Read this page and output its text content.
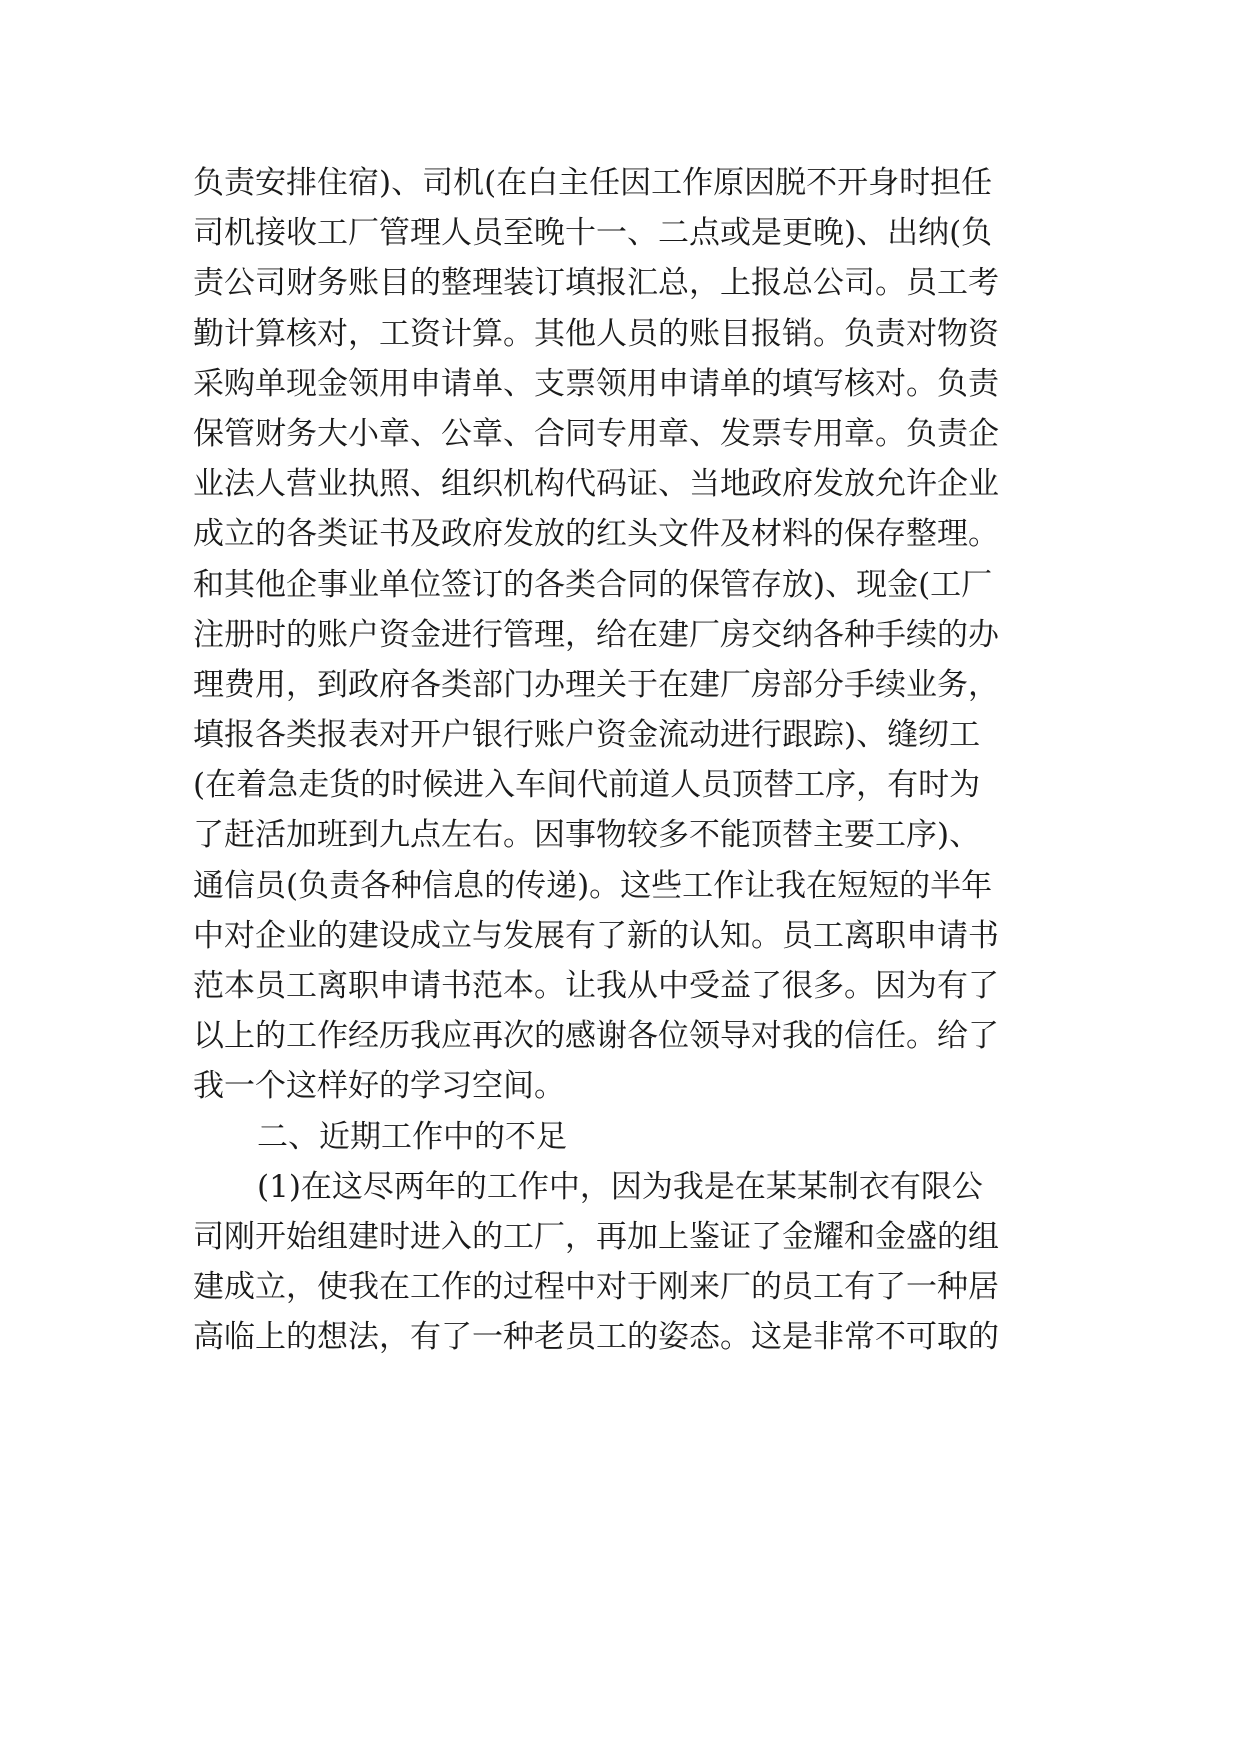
负责安排住宿)、司机(在白主任因工作原因脱不开身时担任
司机接收工厂管理人员至晚十一、二点或是更晚)、出纳(负
责公司财务账目的整理装订填报汇总，上报总公司。员工考
勤计算核对，工资计算。其他人员的账目报销。负责对物资
采购单现金领用申请单、支票领用申请单的填写核对。负责
保管财务大小章、公章、合同专用章、发票专用章。负责企
业法人营业执照、组织机构代码证、当地政府发放允许企业
成立的各类证书及政府发放的红头文件及材料的保存整理。
和其他企事业单位签订的各类合同的保管存放)、现金(工厂
注册时的账户资金进行管理，给在建厂房交纳各种手续的办
理费用，到政府各类部门办理关于在建厂房部分手续业务，
填报各类报表对开户银行账户资金流动进行跟踪)、缝纫工
(在着急走货的时候进入车间代前道人员顶替工序，有时为
了赶活加班到九点左右。因事物较多不能顶替主要工序)、
通信员(负责各种信息的传递)。这些工作让我在短短的半年
中对企业的建设成立与发展有了新的认知。员工离职申请书
范本员工离职申请书范本。让我从中受益了很多。因为有了
以上的工作经历我应再次的感谢各位领导对我的信任。给了
我一个这样好的学习空间。
二、近期工作中的不足
(1)在这尽两年的工作中，因为我是在某某制衣有限公
司刚开始组建时进入的工厂，再加上鉴证了金耀和金盛的组
建成立，使我在工作的过程中对于刚来厂的员工有了一种居
高临上的想法，有了一种老员工的姿态。这是非常不可取的
